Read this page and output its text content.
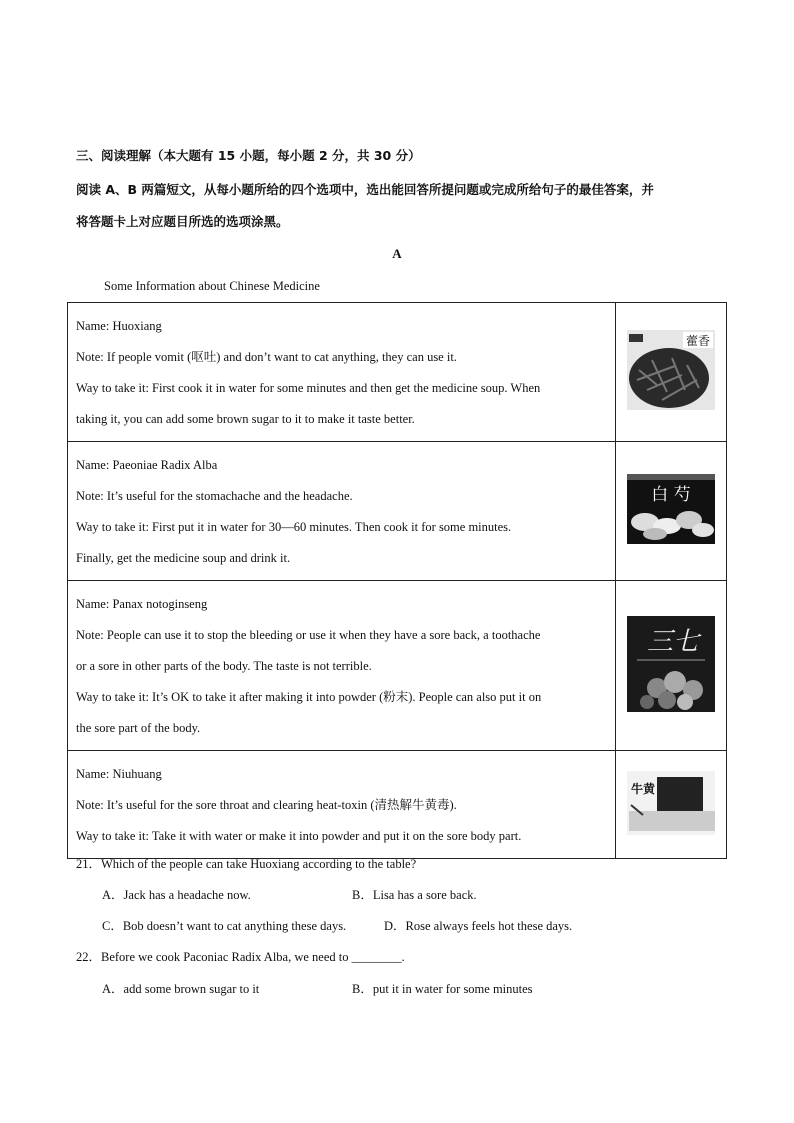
三、阅读理解（本大题有 15 小题，每小题 2 分，共 30 分）
阅读 A、B 两篇短文，从每小题所给的四个选项中，选出能回答所提问题或完成所给句子的最佳答案，并
将答题卡上对应题目所选的选项涂黑。
A
Some Information about Chinese Medicine
Name: Huoxiang
Note: If people vomit (呕吐) and don’t want to cat anything, they can use it.
Way to take it: First cook it in water for some minutes and then get the medicine soup. When
taking it, you can add some brown sugar to it to make it taste better.	藿香

Name: Paeoniae Radix Alba
Note: It’s useful for the stomachache and the headache.
Way to take it: First put it in water for 30—60 minutes. Then cook it for some minutes.
Finally, get the medicine soup and drink it.	白 芍

Name: Panax notoginseng
Note: People can use it to stop the bleeding or use it when they have a sore back, a toothache
or a sore in other parts of the body. The taste is not terrible.
Way to take it: It’s OK to take it after making it into powder (粉末). People can also put it on
the sore part of the body.	三七

Name: Niuhuang
Note: It’s useful for the sore throat and clearing heat-toxin (清热解牛黄毒).
Way to take it: Take it with water or make it into powder and put it on the sore body part.	牛黄
21．Which of the people can take Huoxiang according to the table?
A．Jack has a headache now.	B．Lisa has a sore back.
C．Bob doesn’t want to cat anything these days.	D．Rose always feels hot these days.
22．Before we cook Paconiac Radix Alba, we need to ________.
A．add some brown sugar to it	B．put it in water for some minutes
